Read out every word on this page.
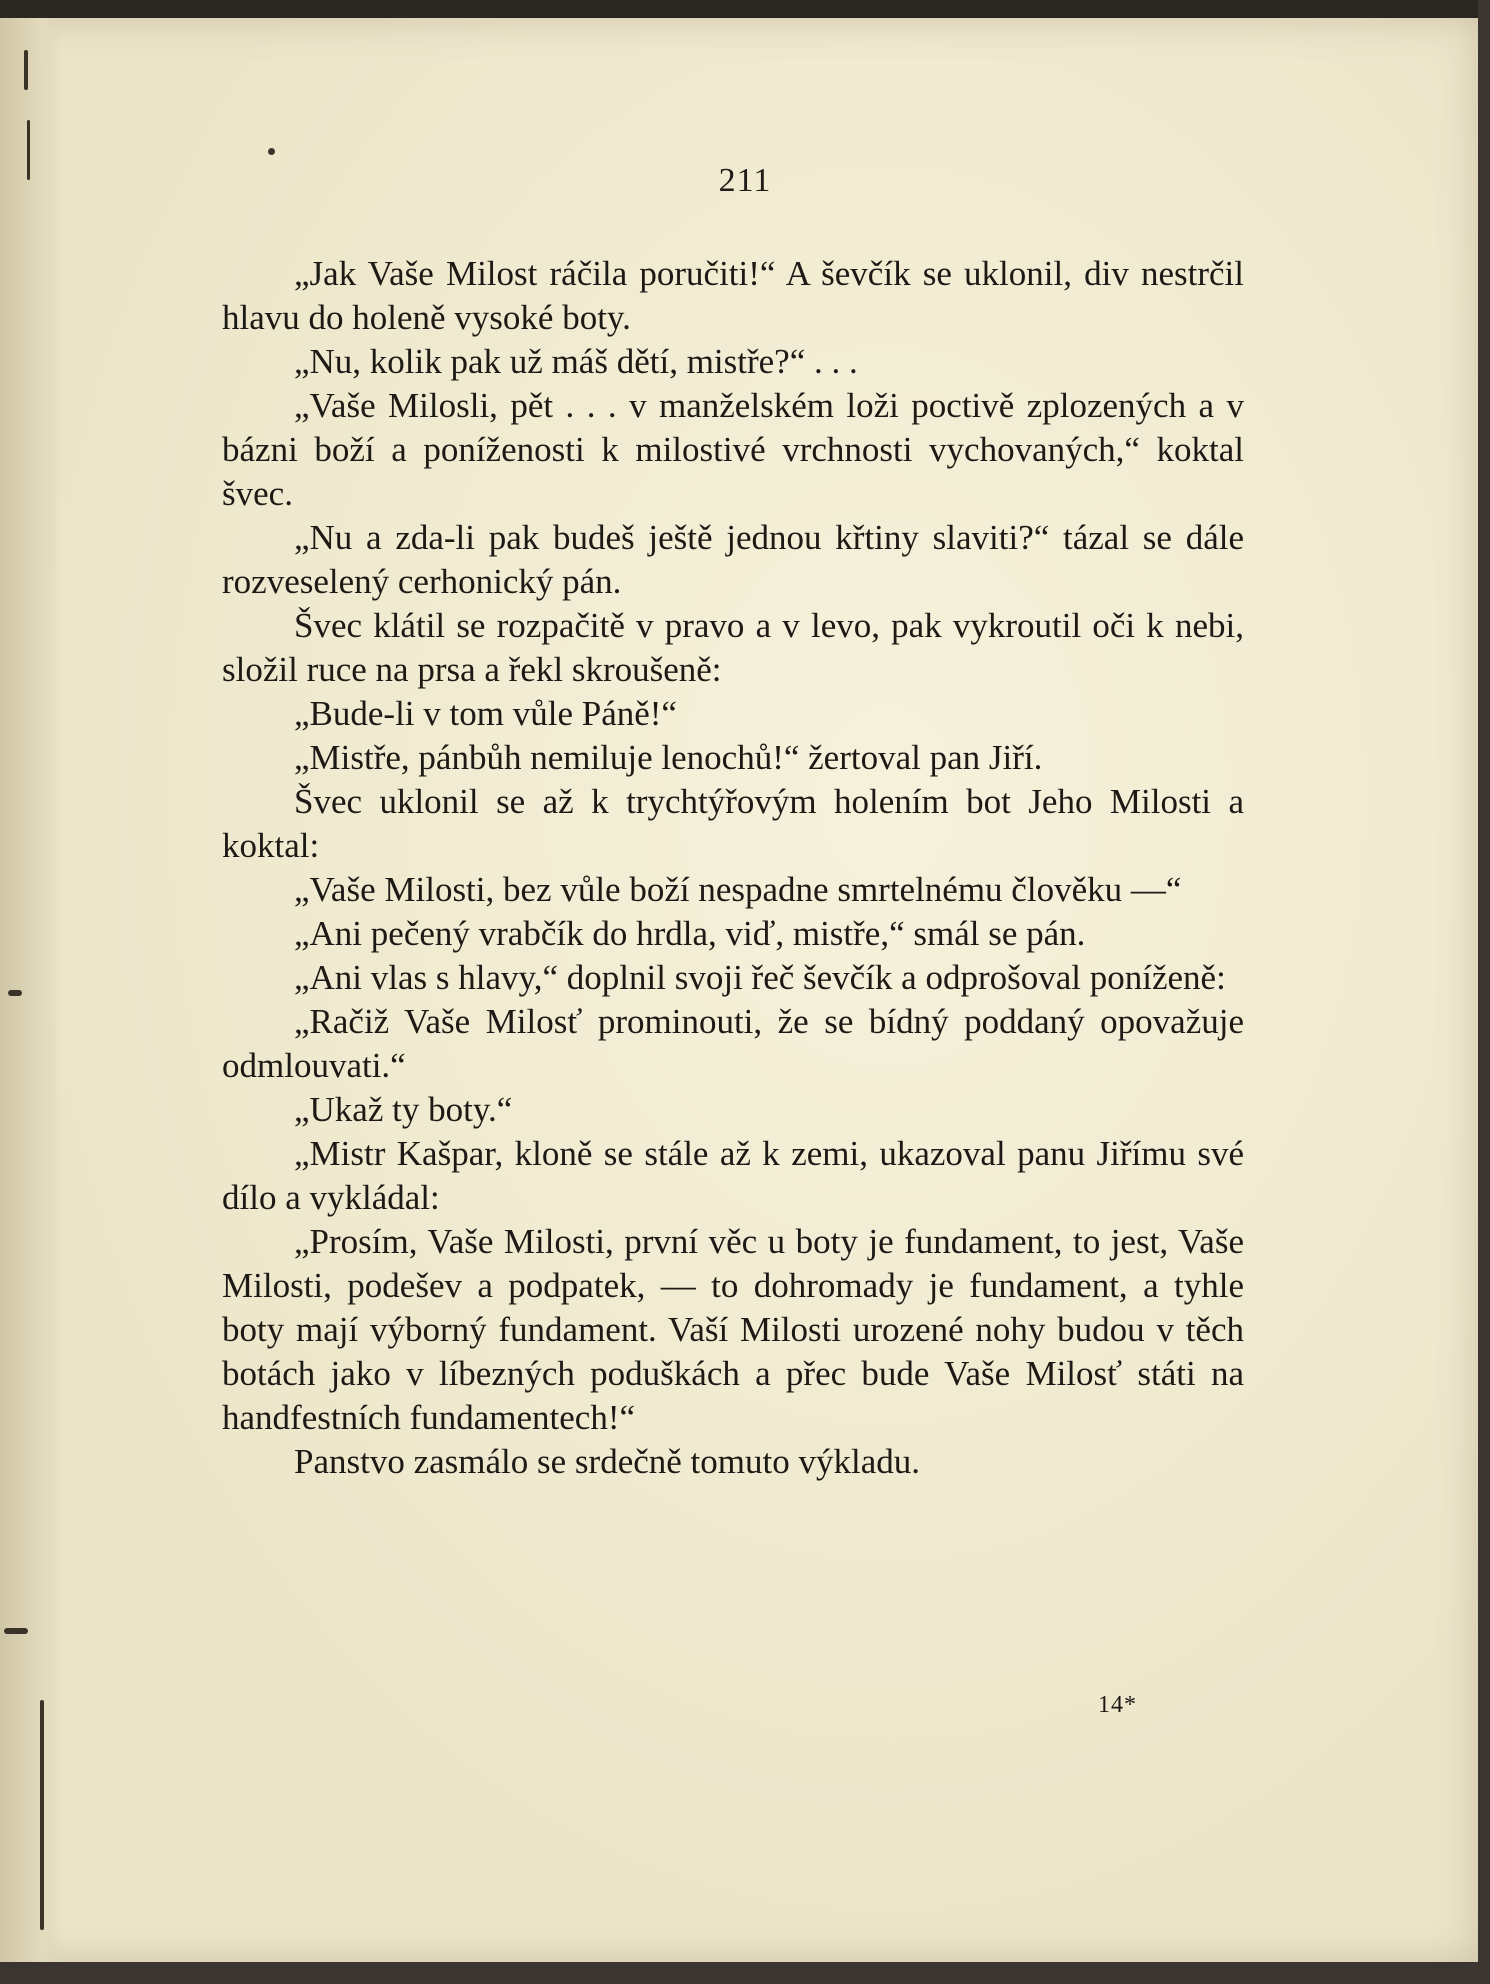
211

„Jak Vaše Milost ráčila poručiti!“ A ševčík se uklonil, div nestrčil hlavu do holeně vysoké boty.

„Nu, kolik pak už máš dětí, mistře?“ . . .

„Vaše Milosli, pět . . . v manželském loži poctivě zplozených a v bázni boží a poníženosti k milostivé vrchnosti vychovaných,“ koktal švec.

„Nu a zda-li pak budeš ještě jednou křtiny slaviti?“ tázal se dále rozveselený cerhonický pán.

Švec klátil se rozpačitě v pravo a v levo, pak vykroutil oči k nebi, složil ruce na prsa a řekl skroušeně:

„Bude-li v tom vůle Páně!“

„Mistře, pánbůh nemiluje lenochů!“ žertoval pan Jiří.

Švec uklonil se až k trychtýřovým holením bot Jeho Milosti a koktal:

„Vaše Milosti, bez vůle boží nespadne smrtelnému člověku —“

„Ani pečený vrabčík do hrdla, viď, mistře,“ smál se pán.

„Ani vlas s hlavy,“ doplnil svoji řeč ševčík a odprošoval poníženě:

„Račiž Vaše Milosť prominouti, že se bídný poddaný opovažuje odmlouvati.“

„Ukaž ty boty.“

„Mistr Kašpar, kloně se stále až k zemi, ukazoval panu Jiřímu své dílo a vykládal:

„Prosím, Vaše Milosti, první věc u boty je fundament, to jest, Vaše Milosti, podešev a podpatek, — to dohromady je fundament, a tyhle boty mají výborný fundament. Vaší Milosti urozené nohy budou v těch botách jako v líbezných poduškách a přec bude Vaše Milosť státi na handfestních fundamentech!“

Panstvo zasmálo se srdečně tomuto výkladu.

14*
